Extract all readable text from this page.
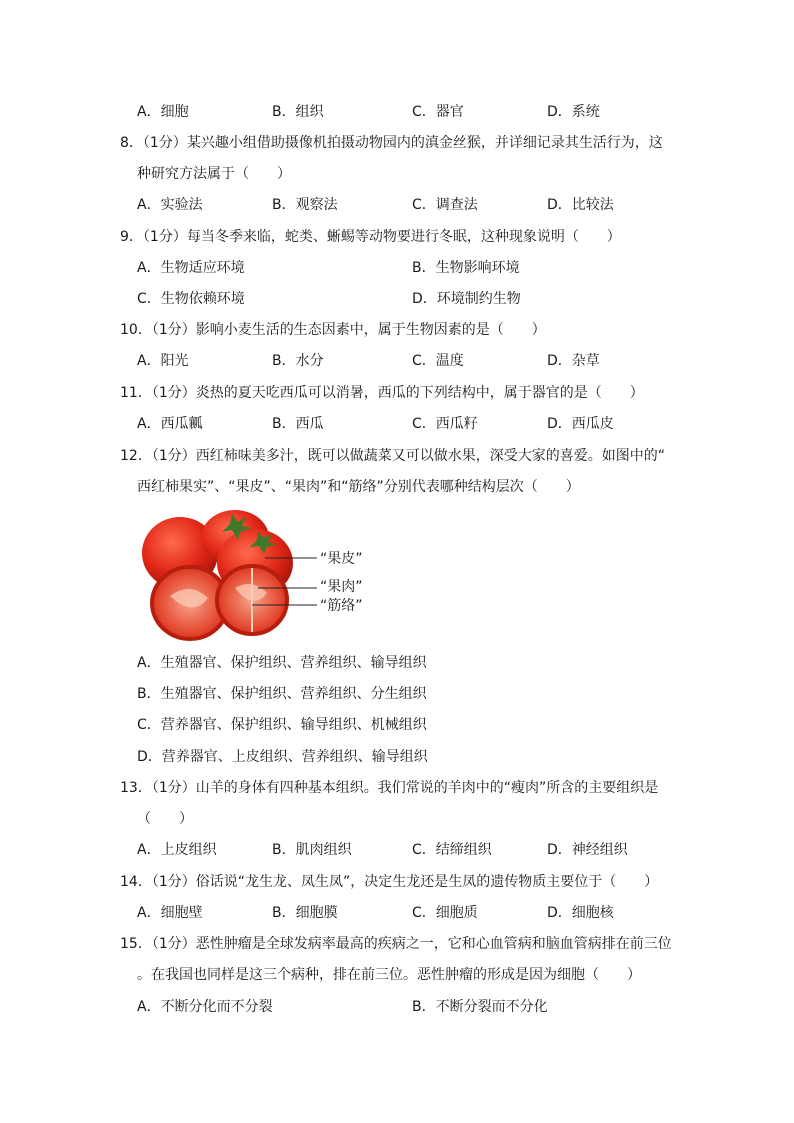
A．细胞	B．组织	C．器官	D．系统
8．（1分）某兴趣小组借助摄像机拍摄动物园内的滇金丝猴，并详细记录其生活行为，这
种研究方法属于（　　）
A．实验法	B．观察法	C．调查法	D．比较法
9．（1分）每当冬季来临，蛇类、蜥蜴等动物要进行冬眠，这种现象说明（　　）
A．生物适应环境	B．生物影响环境
C．生物依赖环境	D．环境制约生物
10．（1分）影响小麦生活的生态因素中，属于生物因素的是（　　）
A．阳光	B．水分	C．温度	D．杂草
11．（1分）炎热的夏天吃西瓜可以消暑，西瓜的下列结构中，属于器官的是（　　）
A．西瓜瓤	B．西瓜	C．西瓜籽	D．西瓜皮
12．（1分）西红柿味美多汁，既可以做蔬菜又可以做水果，深受大家的喜爱。如图中的“
西红柿果实”、“果皮”、“果肉”和“筋络”分别代表哪种结构层次（　　）
“果皮”
“果肉”
“筋络”
A．生殖器官、保护组织、营养组织、输导组织
B．生殖器官、保护组织、营养组织、分生组织
C．营养器官、保护组织、输导组织、机械组织
D．营养器官、上皮组织、营养组织、输导组织
13．（1分）山羊的身体有四种基本组织。我们常说的羊肉中的“瘦肉”所含的主要组织是
（　　）
A．上皮组织	B．肌肉组织	C．结缔组织	D．神经组织
14．（1分）俗话说“龙生龙、凤生凤”，决定生龙还是生凤的遗传物质主要位于（　　）
A．细胞壁	B．细胞膜	C．细胞质	D．细胞核
15．（1分）恶性肿瘤是全球发病率最高的疾病之一，它和心血管病和脑血管病排在前三位
。在我国也同样是这三个病种，排在前三位。恶性肿瘤的形成是因为细胞（　　）
A．不断分化而不分裂	B．不断分裂而不分化
